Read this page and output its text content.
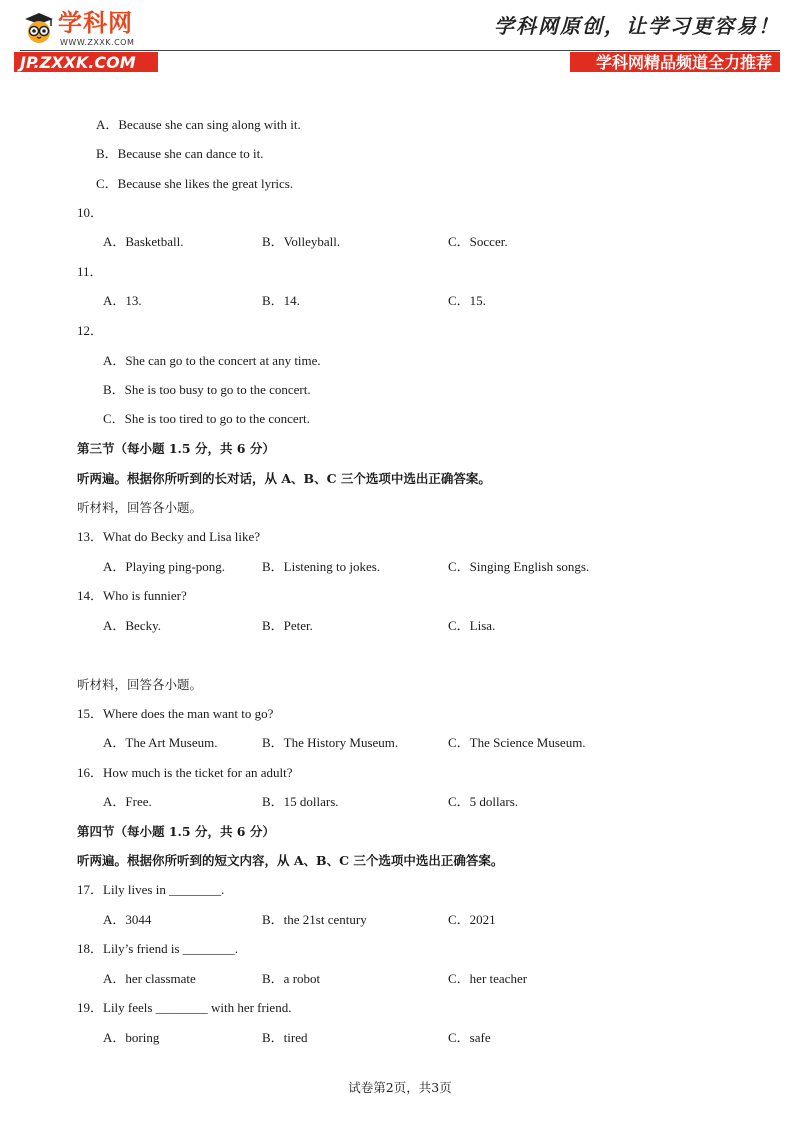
学科网
WWW.ZXXK.COM
学科网原创，让学习更容易！
JP.ZXXK.COM	学科网精品频道全力推荐
A．Because she can sing along with it.
B．Because she can dance to it.
C．Because she likes the great lyrics.
10．
A．Basketball.	B．Volleyball.	C．Soccer.
11．
A．13.	B．14.	C．15.
12．
A．She can go to the concert at any time.
B．She is too busy to go to the concert.
C．She is too tired to go to the concert.
第三节（每小题 1.5 分，共 6 分）
听两遍。根据你所听到的长对话，从 A、B、C 三个选项中选出正确答案。
听材料，回答各小题。
13．What do Becky and Lisa like?
A．Playing ping-pong.	B．Listening to jokes.	C．Singing English songs.
14．Who is funnier?
A．Becky.	B．Peter.	C．Lisa.
听材料，回答各小题。
15．Where does the man want to go?
A．The Art Museum.	B．The History Museum.	C．The Science Museum.
16．How much is the ticket for an adult?
A．Free.	B．15 dollars.	C．5 dollars.
第四节（每小题 1.5 分，共 6 分）
听两遍。根据你所听到的短文内容，从 A、B、C 三个选项中选出正确答案。
17．Lily lives in ________.
A．3044	B．the 21st century	C．2021
18．Lily’s friend is ________.
A．her classmate	B．a robot	C．her teacher
19．Lily feels ________ with her friend.
A．boring	B．tired	C．safe
试卷第2页，共3页
